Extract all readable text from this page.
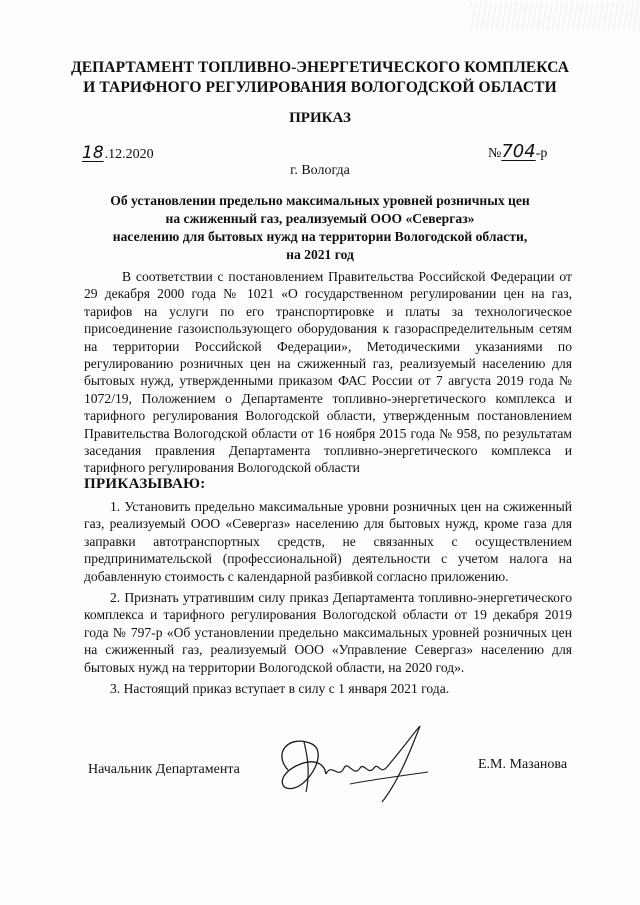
ДЕПАРТАМЕНТ ТОПЛИВНО-ЭНЕРГЕТИЧЕСКОГО КОМПЛЕКСА
И ТАРИФНОГО РЕГУЛИРОВАНИЯ ВОЛОГОДСКОЙ ОБЛАСТИ
ПРИКАЗ
18.12.2020
г. Вологда
№704-р
Об установлении предельно максимальных уровней розничных цен
на сжиженный газ, реализуемый ООО «Севергаз»
населению для бытовых нужд на территории Вологодской области,
на 2021 год

В соответствии с постановлением Правительства Российской Федерации от 29 декабря 2000 года № 1021 «О государственном регулировании цен на газ, тарифов на услуги по его транспортировке и платы за технологическое присоединение газоиспользующего оборудования к газораспределительным сетям на территории Российской Федерации», Методическими указаниями по регулированию розничных цен на сжиженный газ, реализуемый населению для бытовых нужд, утвержденными приказом ФАС России от 7 августа 2019 года № 1072/19, Положением о Департаменте топливно-энергетического комплекса и тарифного регулирования Вологодской области, утвержденным постановлением Правительства Вологодской области от 16 ноября 2015 года № 958, по результатам заседания правления Департамента топливно-энергетического комплекса и тарифного регулирования Вологодской области

ПРИКАЗЫВАЮ:

1. Установить предельно максимальные уровни розничных цен на сжиженный газ, реализуемый ООО «Севергаз» населению для бытовых нужд, кроме газа для заправки автотранспортных средств, не связанных с осуществлением предпринимательской (профессиональной) деятельности с учетом налога на добавленную стоимость с календарной разбивкой согласно приложению.

2. Признать утратившим силу приказ Департамента топливно-энергетического комплекса и тарифного регулирования Вологодской области от 19 декабря 2019 года № 797-р «Об установлении предельно максимальных уровней розничных цен на сжиженный газ, реализуемый ООО «Управление Севергаз» населению для бытовых нужд на территории Вологодской области, на 2020 год».

3. Настоящий приказ вступает в силу с 1 января 2021 года.

Начальник Департамента	Е.М. Мазанова
